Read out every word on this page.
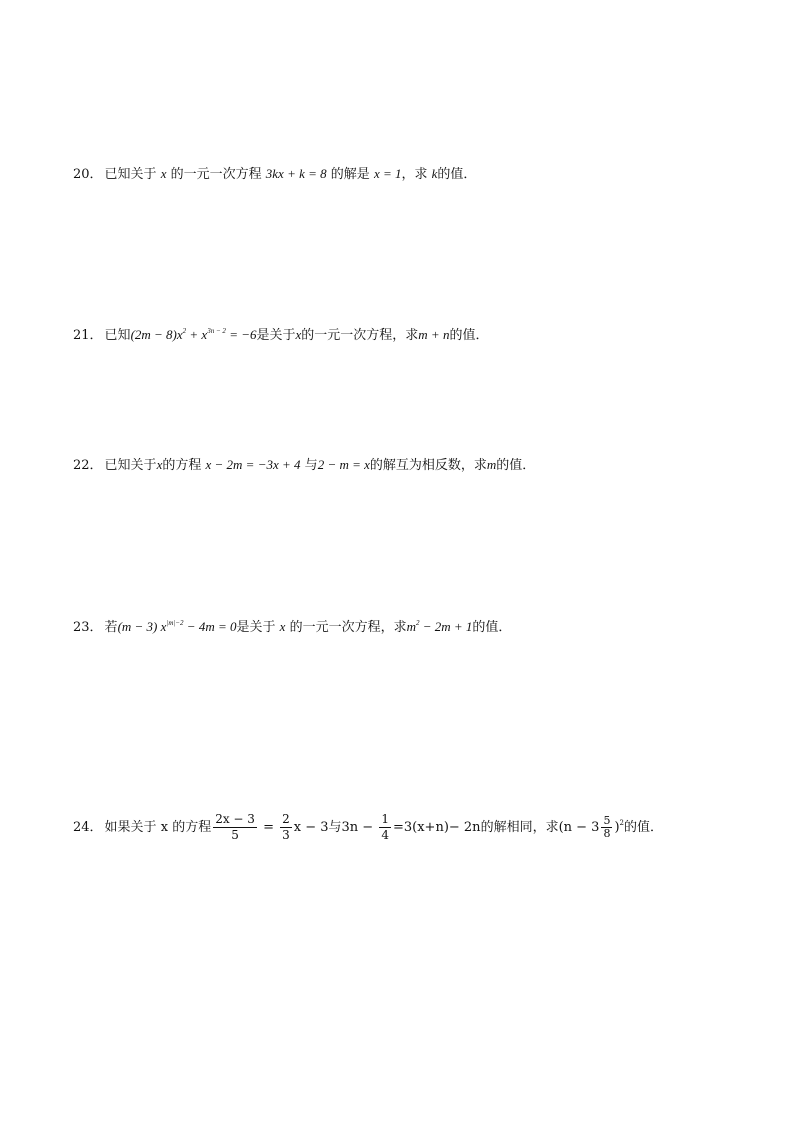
20． 已知关于 x 的一元一次方程 3kx + k = 8 的解是 x = 1，求 k的值．
21． 已知$(2m - 8)x^2 + x^{3n - 2} = -6$是关于x的一元一次方程，求m + n的值．
22． 已知关于x的方程 x − 2m = −3x + 4 与2 − m = x的解互为相反数，求m的值．
23． 若(m − 3) $x^{|m|-2} - 4m = 0$是关于 x 的一元一次方程，求$m^2 - 2m + 1$的值．
24． 如果关于 x 的方程 $\frac{2x - 3}{5} = \frac{2}{3}$ x − 3与$3n - \frac{1}{4} =3(x+n)- 2n$的解相同，求$(n - 3 \frac{5}{8} )^2$的值．
